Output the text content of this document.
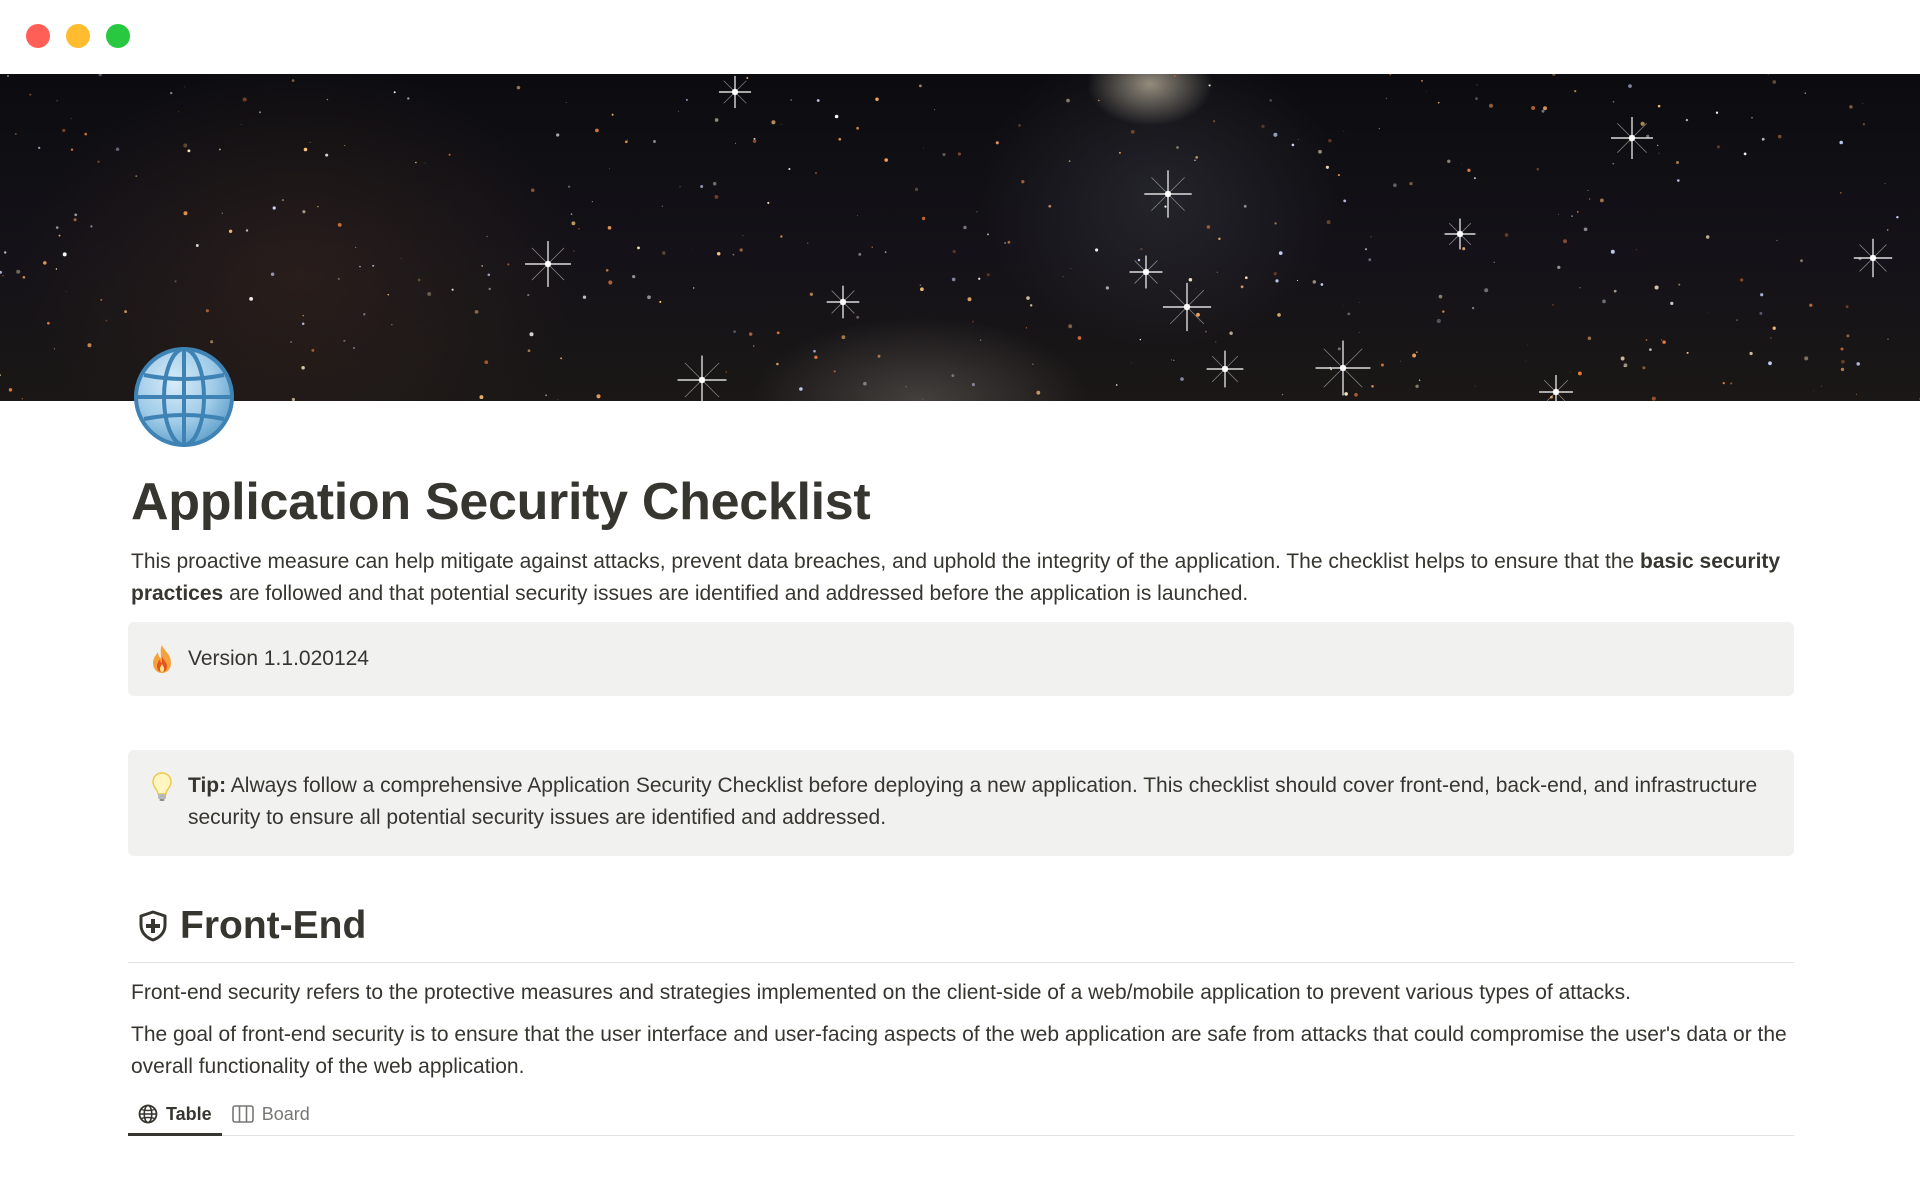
Application Security Checklist

This proactive measure can help mitigate against attacks, prevent data breaches, and uphold the integrity of the application. The checklist helps to ensure that the basic security practices are followed and that potential security issues are identified and addressed before the application is launched.

Version 1.1.020124
Tip: Always follow a comprehensive Application Security Checklist before deploying a new application. This checklist should cover front-end, back-end, and infrastructure security to ensure all potential security issues are identified and addressed.
Front-End

Front-end security refers to the protective measures and strategies implemented on the client-side of a web/mobile application to prevent various types of attacks.

The goal of front-end security is to ensure that the user interface and user-facing aspects of the web application are safe from attacks that could compromise the user's data or the overall functionality of the web application.

Table	Board
